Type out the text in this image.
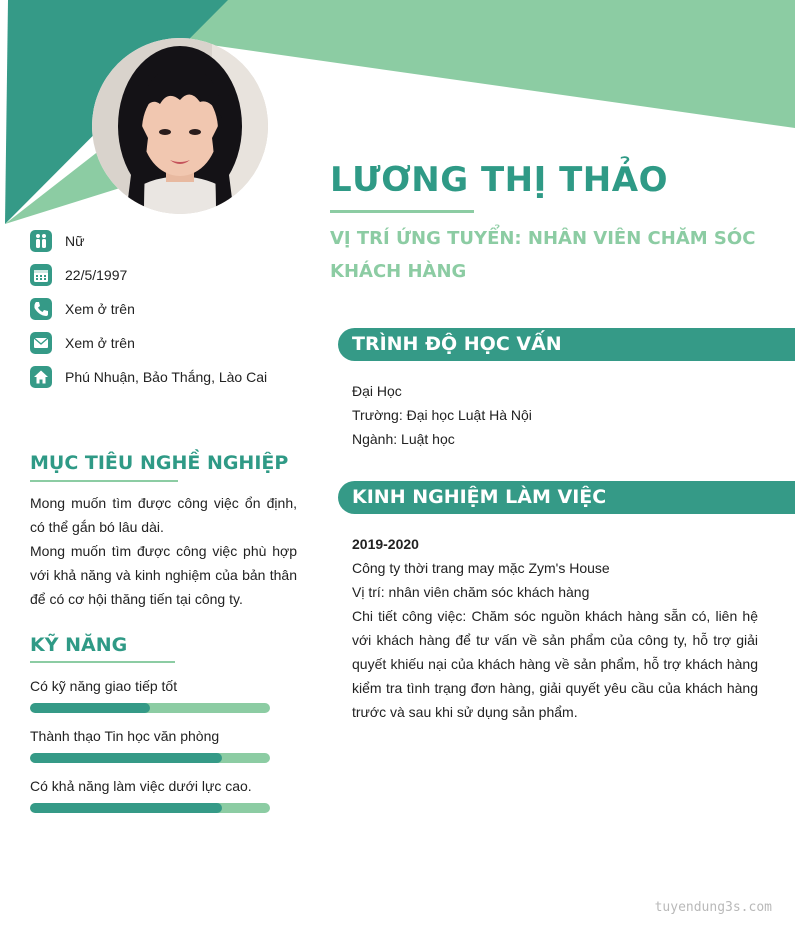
LƯƠNG THỊ THẢO
VỊ TRÍ ỨNG TUYỂN: NHÂN VIÊN CHĂM SÓC KHÁCH HÀNG
Nữ
22/5/1997
Xem ở trên
Xem ở trên
Phú Nhuận, Bảo Thắng, Lào Cai
MỤC TIÊU NGHỀ NGHIỆP

Mong muốn tìm được công việc ổn định, có thể gắn bó lâu dài.

Mong muốn tìm được công việc phù hợp với khả năng và kinh nghiệm của bản thân để có cơ hội thăng tiến tại công ty.

KỸ NĂNG
Có kỹ năng giao tiếp tốt
Thành thạo Tin học văn phòng
Có khả năng làm việc dưới lực cao.
TRÌNH ĐỘ HỌC VẤN
Đại Học
Trường: Đại học Luật Hà Nội
Ngành: Luật học
KINH NGHIỆM LÀM VIỆC
2019-2020
Công ty thời trang may mặc Zym's House
Vị trí: nhân viên chăm sóc khách hàng
Chi tiết công việc: Chăm sóc nguồn khách hàng sẵn có, liên hệ với khách hàng để tư vấn về sản phẩm của công ty, hỗ trợ giải quyết khiếu nại của khách hàng về sản phẩm, hỗ trợ khách hàng kiểm tra tình trạng đơn hàng, giải quyết yêu cầu của khách hàng trước và sau khi sử dụng sản phẩm.
tuyendung3s.com
